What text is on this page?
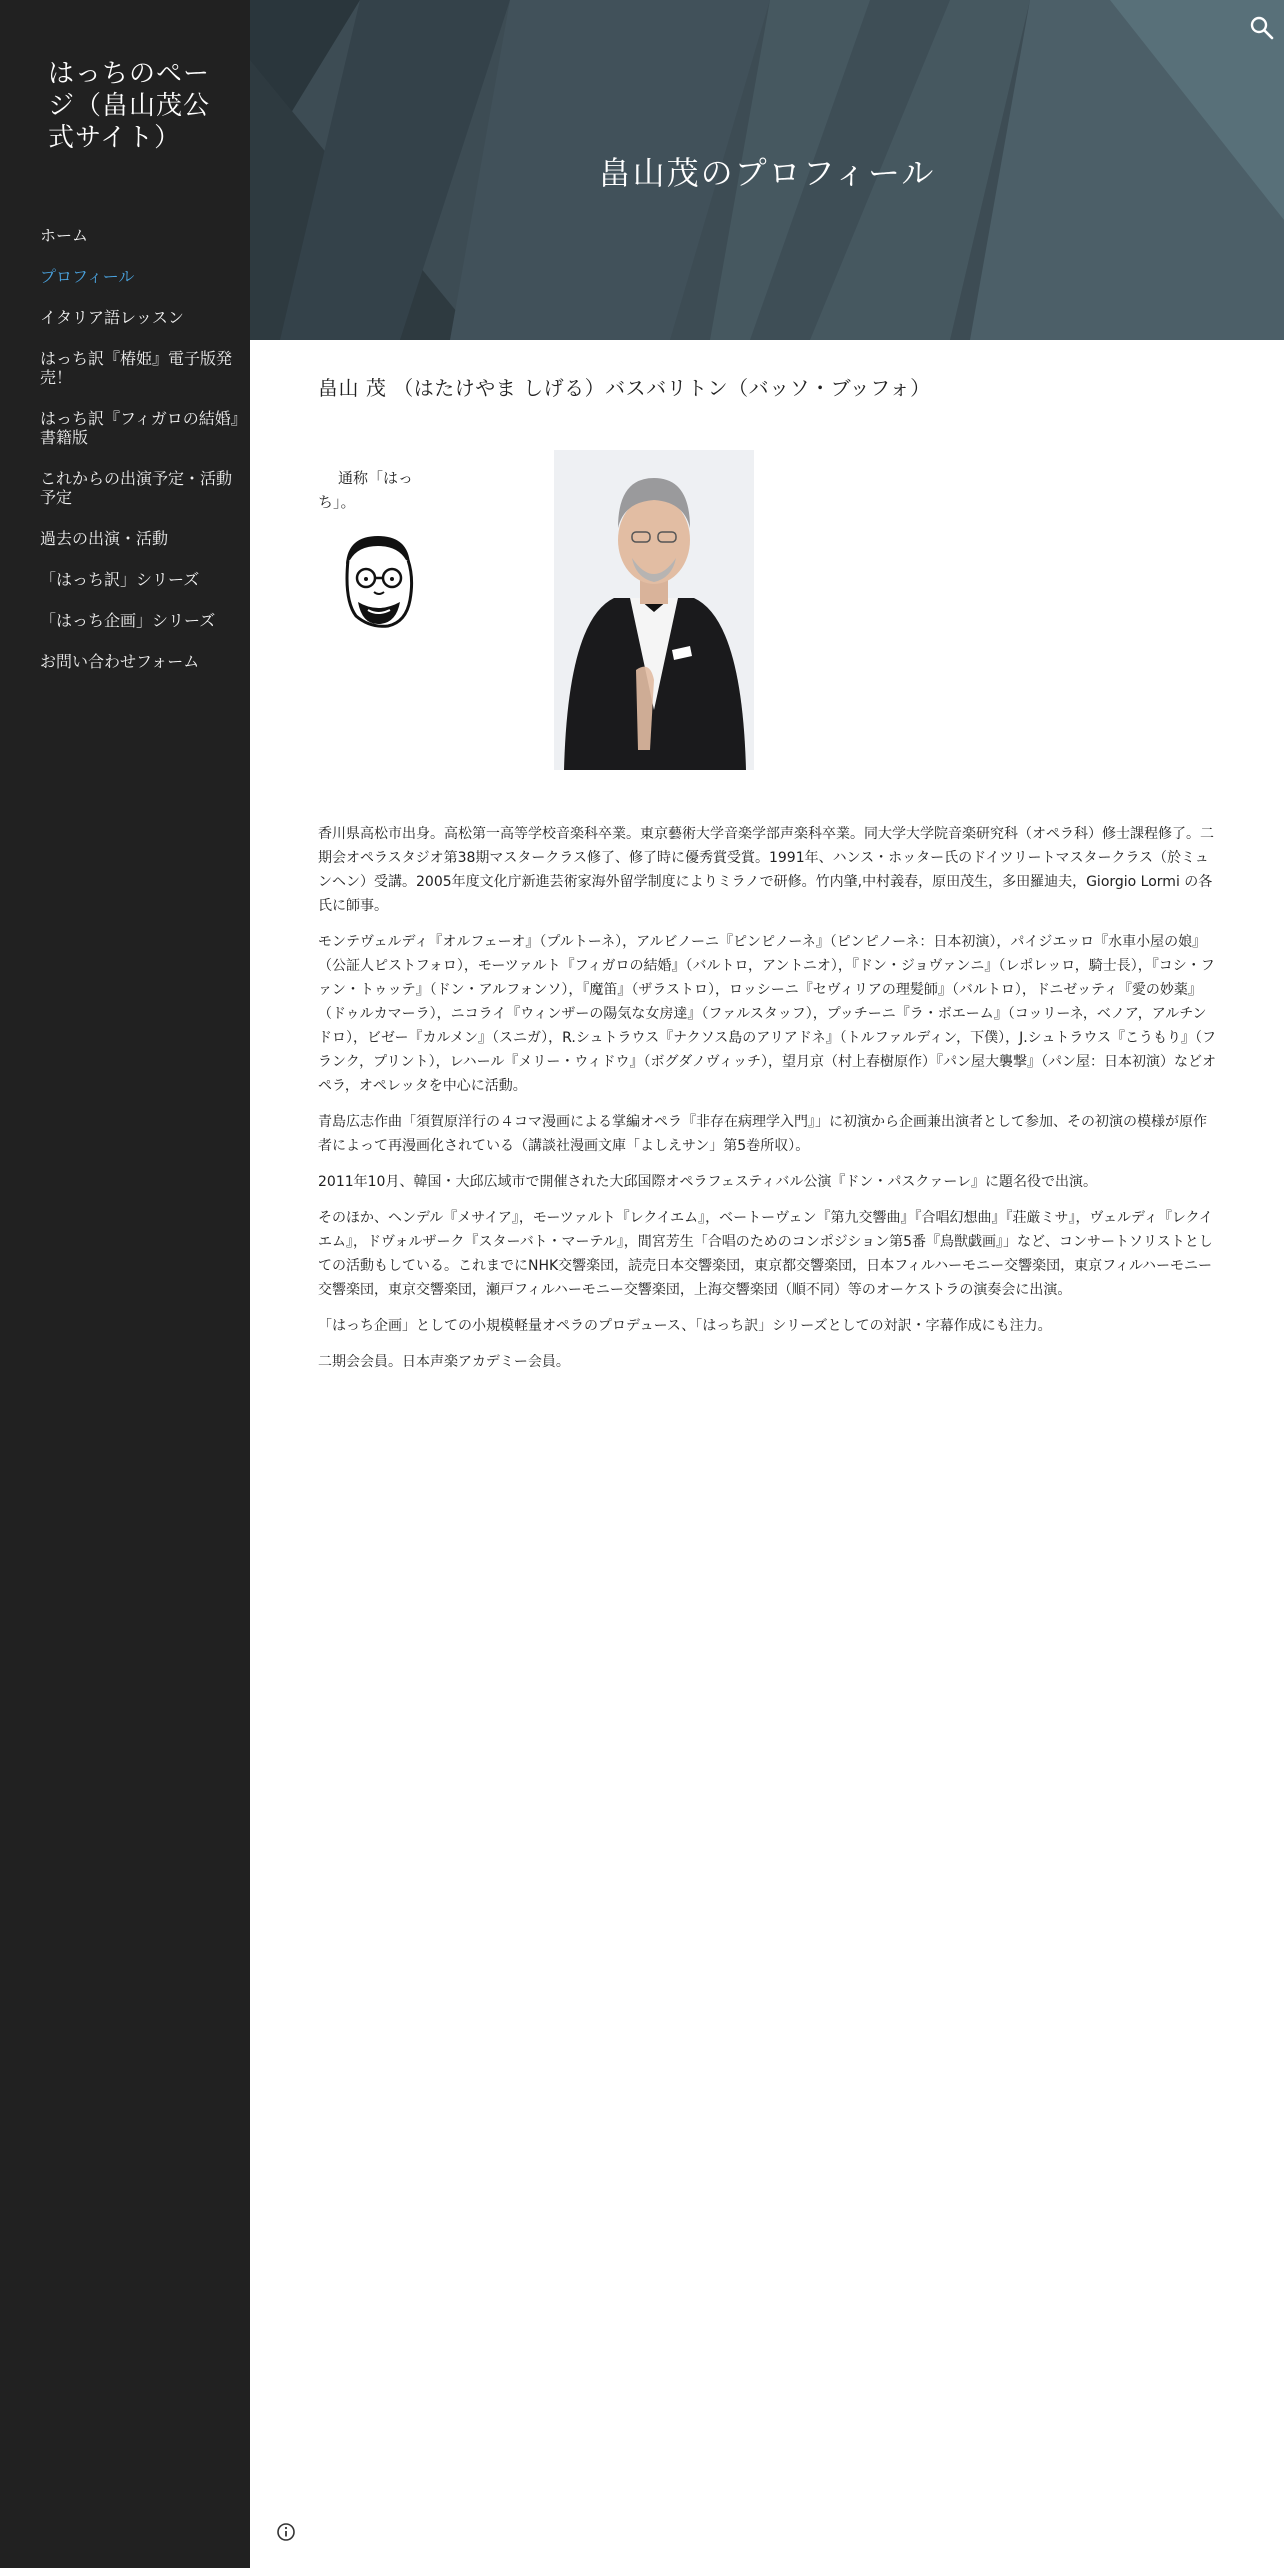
はっちのページ（畠山茂公式サイト）
ホーム
プロフィール
イタリア語レッスン
はっち訳『椿姫』電子版発売！
はっち訳『フィガロの結婚』書籍版
これからの出演予定・活動予定
過去の出演・活動
「はっち訳」シリーズ
「はっち企画」シリーズ
お問い合わせフォーム
畠山茂のプロフィール
畠山 茂 （はたけやま しげる）バスバリトン（バッソ・ブッフォ）
通称「はっち」。

香川県高松市出身。高松第一高等学校音楽科卒業。東京藝術大学音楽学部声楽科卒業。同大学大学院音楽研究科（オペラ科）修士課程修了。二期会オペラスタジオ第38期マスタークラス修了、修了時に優秀賞受賞。1991年、ハンス・ホッター氏のドイツリートマスタークラス（於ミュンヘン）受講。2005年度文化庁新進芸術家海外留学制度によりミラノで研修。竹内肇,中村義春，原田茂生，多田羅迪夫，Giorgio Lormi の各氏に師事。

モンテヴェルディ『オルフェーオ』（プルトーネ），アルビノーニ『ピンピノーネ』（ピンピノーネ：日本初演），パイジエッロ『水車小屋の娘』（公証人ピストフォロ），モーツァルト『フィガロの結婚』（バルトロ，アントニオ），『ドン・ジョヴァンニ』（レポレッロ，騎士長），『コシ・ファン・トゥッテ』（ドン・アルフォンソ），『魔笛』（ザラストロ），ロッシーニ『セヴィリアの理髪師』（バルトロ），ドニゼッティ『愛の妙薬』（ドゥルカマーラ），ニコライ『ウィンザーの陽気な女房達』（ファルスタッフ），プッチーニ『ラ・ボエーム』（コッリーネ，ベノア，アルチンドロ），ビゼー『カルメン』（スニガ），R.シュトラウス『ナクソス島のアリアドネ』（トルファルディン，下僕），J.シュトラウス『こうもり』（フランク，プリント），レハール『メリー・ウィドウ』（ボグダノヴィッチ），望月京（村上春樹原作）『パン屋大襲撃』（パン屋：日本初演）などオペラ，オペレッタを中心に活動。

青島広志作曲「須賀原洋行の４コマ漫画による掌編オペラ『非存在病理学入門』」に初演から企画兼出演者として参加、その初演の模様が原作者によって再漫画化されている（講談社漫画文庫「よしえサン」第5巻所収）。

2011年10月、韓国・大邱広域市で開催された大邱国際オペラフェスティバル公演『ドン・パスクァーレ』に題名役で出演。

そのほか、ヘンデル『メサイア』，モーツァルト『レクイエム』，ベートーヴェン『第九交響曲』『合唱幻想曲』『荘厳ミサ』，ヴェルディ『レクイエム』，ドヴォルザーク『スターバト・マーテル』，間宮芳生「合唱のためのコンポジション第5番『鳥獣戯画』」など、コンサートソリストとしての活動もしている。これまでにNHK交響楽団，読売日本交響楽団，東京都交響楽団，日本フィルハーモニー交響楽団，東京フィルハーモニー交響楽団，東京交響楽団，瀬戸フィルハーモニー交響楽団，上海交響楽団（順不同）等のオーケストラの演奏会に出演。

「はっち企画」としての小規模軽量オペラのプロデュース、「はっち訳」シリーズとしての対訳・字幕作成にも注力。

二期会会員。日本声楽アカデミー会員。
